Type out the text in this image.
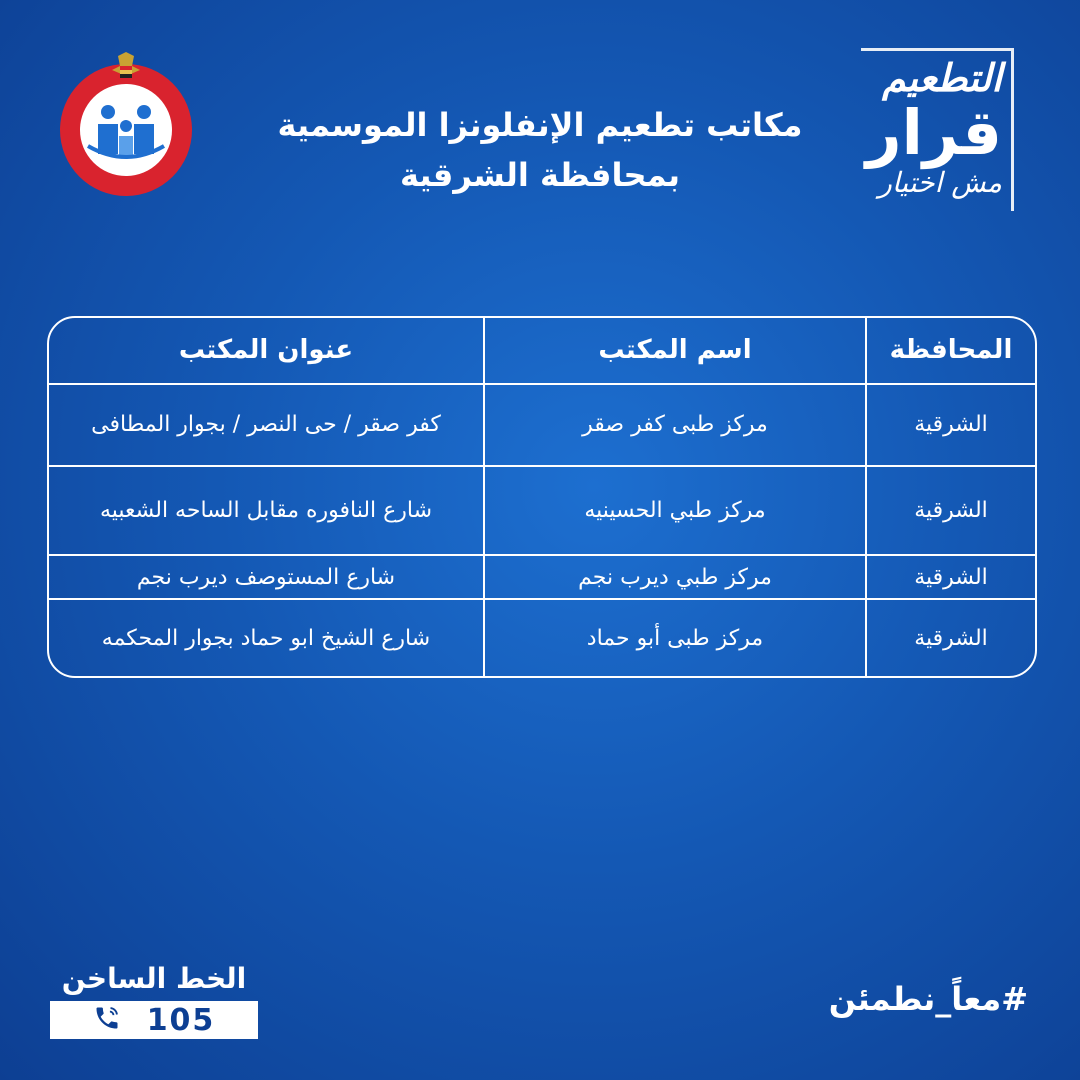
مكاتب تطعيم الإنفلونزا الموسمية
بمحافظة الشرقية
التطعيم
قرار
مش اختيار
المحافظة	اسم المكتب	عنوان المكتب
الشرقية	مركز طبى كفر صقر	كفر صقر / حى النصر / بجوار المطافى
الشرقية	مركز طبي الحسينيه	شارع النافوره مقابل الساحه الشعبيه
الشرقية	مركز طبي ديرب نجم	شارع المستوصف ديرب نجم
الشرقية	مركز طبى أبو حماد	شارع الشيخ ابو حماد بجوار المحكمه
الخط الساخن
105
#معاً_نطمئن
